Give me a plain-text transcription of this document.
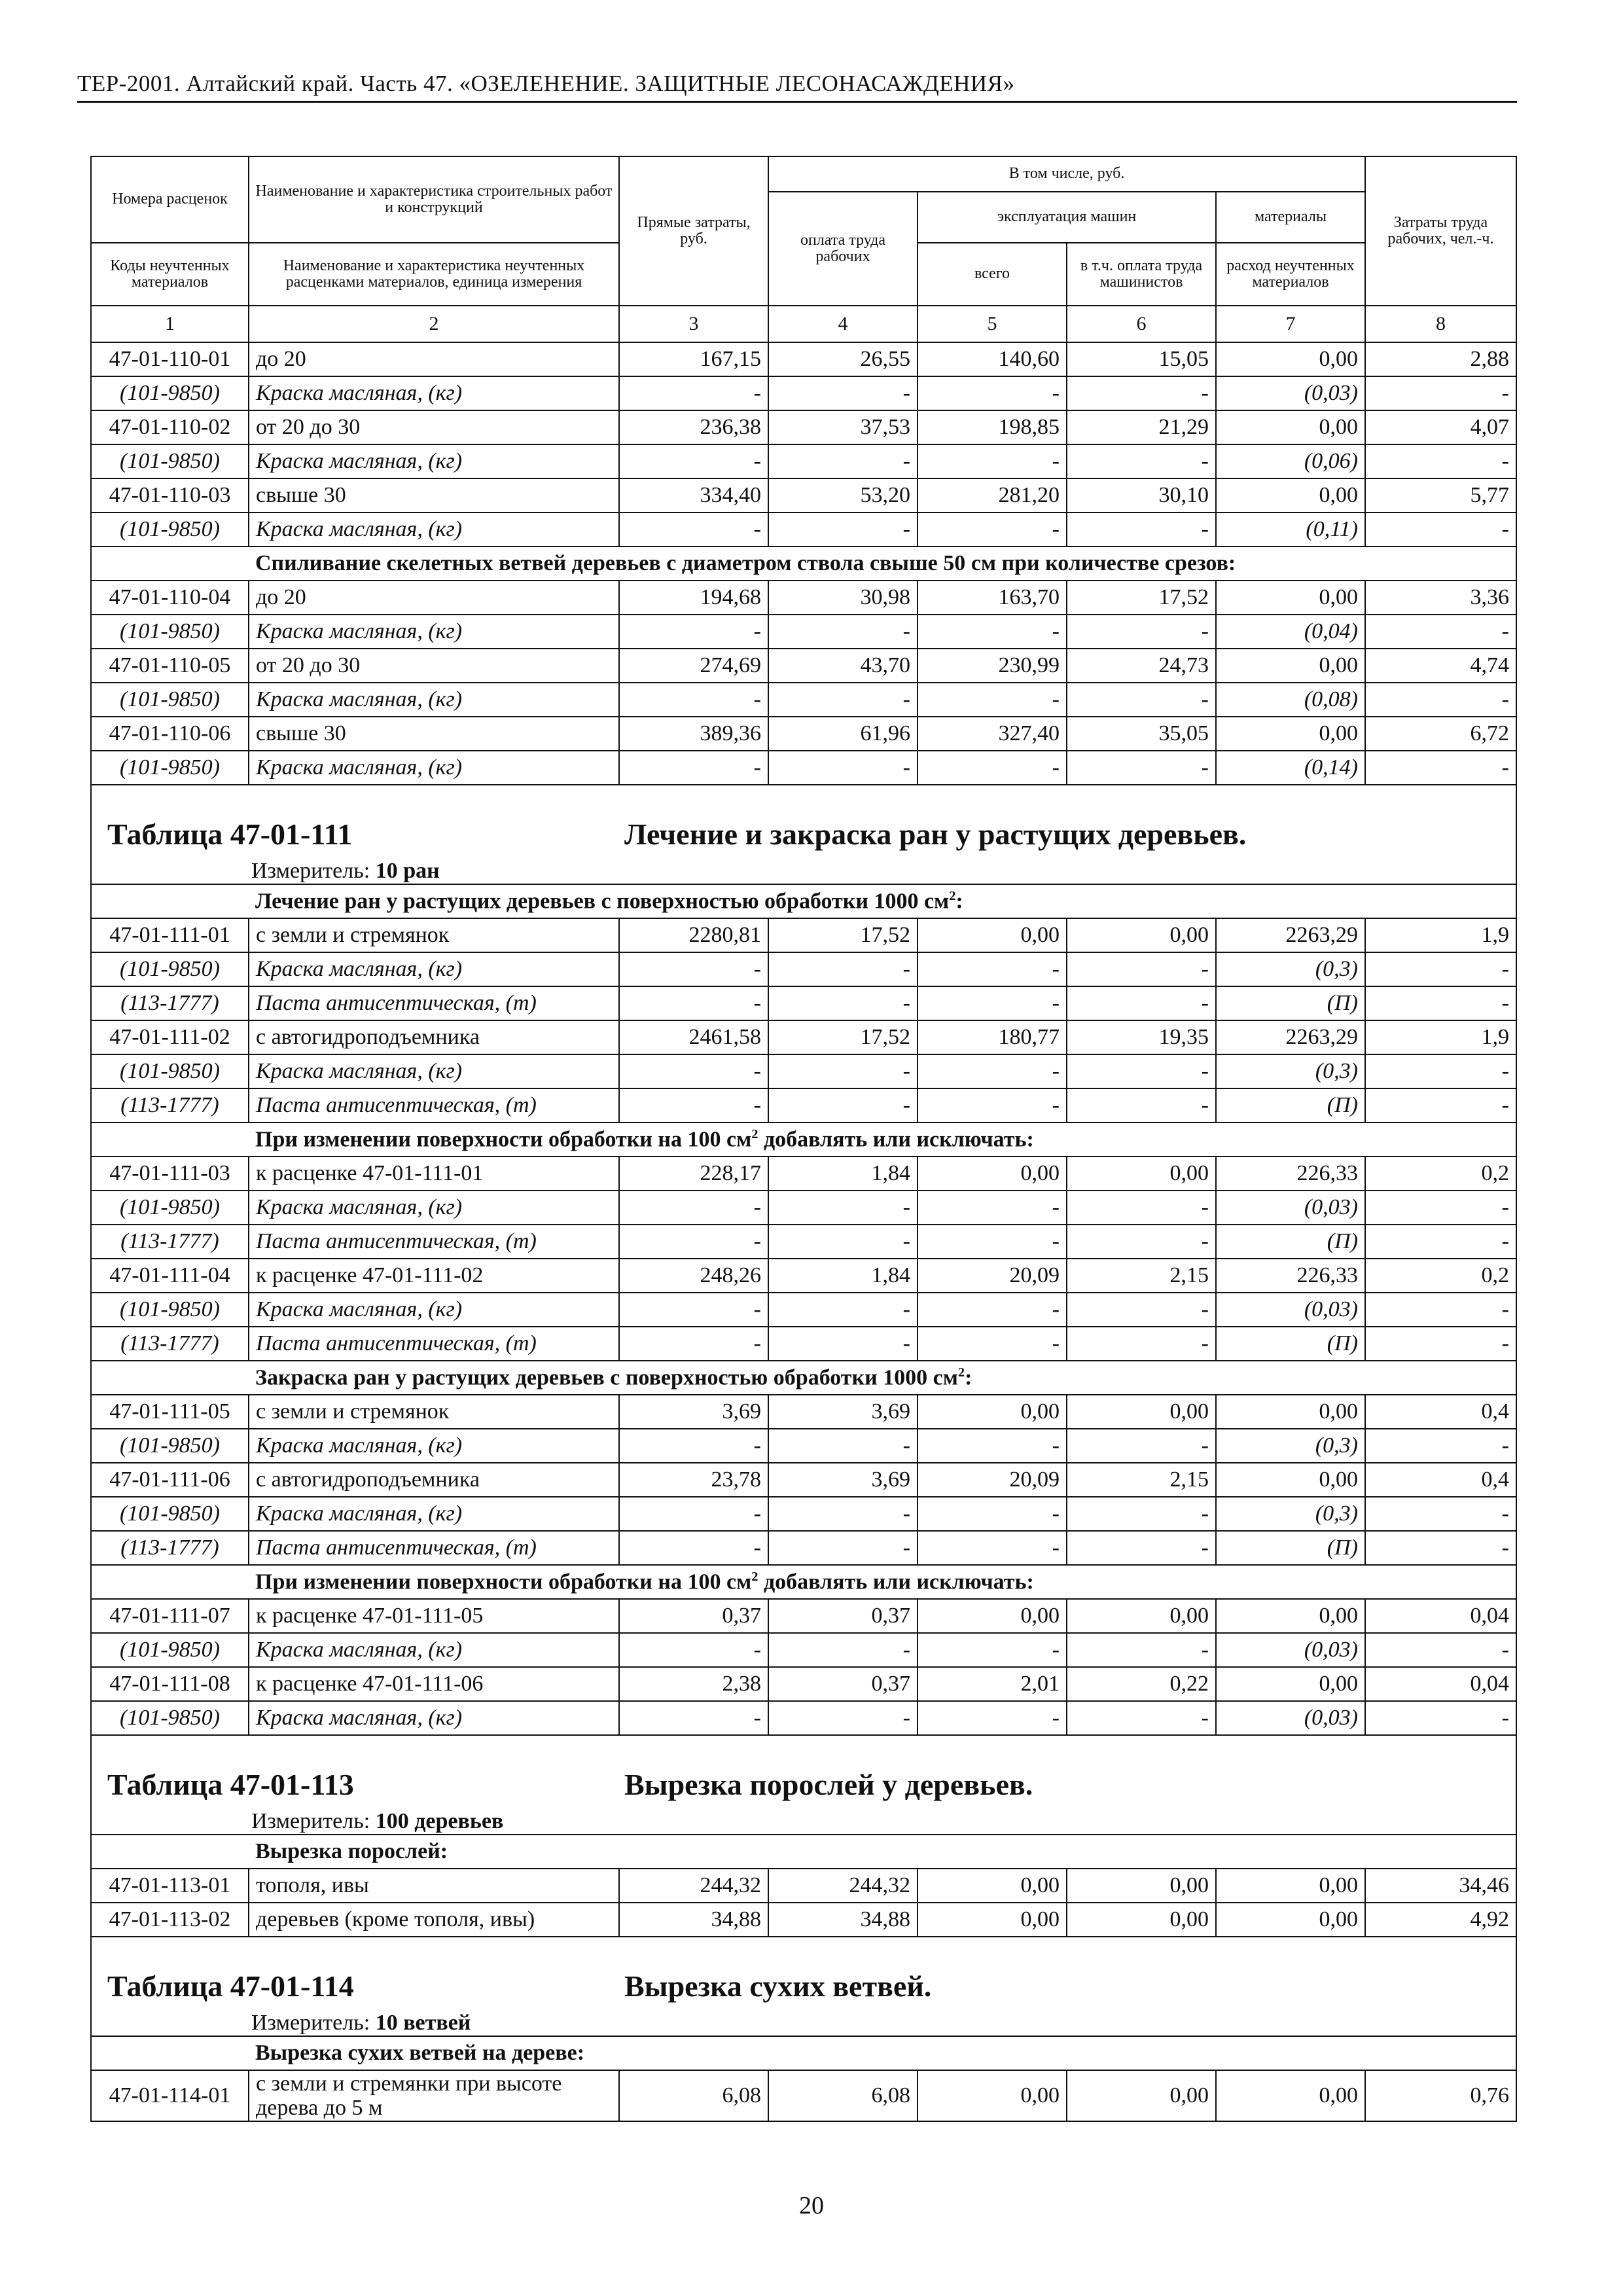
ТЕР-2001. Алтайский край. Часть 47. «ОЗЕЛЕНЕНИЕ. ЗАЩИТНЫЕ ЛЕСОНАСАЖДЕНИЯ»
Номера расценок	Наименование и характеристика строительных работ и конструкций	Прямые затраты, руб.	В том числе, руб.				Затраты труда рабочих, чел.-ч.
			оплата труда рабочих	эксплуатация машин		материалы	
Коды неучтенных материалов	Наименование и характеристика неучтенных расценками материалов, единица измерения			всего	в т.ч. оплата труда машинистов	расход неучтенных материалов	
1	2	3	4	5	6	7	8
47-01-110-01	до 20	167,15	26,55	140,60	15,05	0,00	2,88
(101-9850)	Краска масляная, (кг)	-	-	-	-	(0,03)	-
47-01-110-02	от 20 до 30	236,38	37,53	198,85	21,29	0,00	4,07
(101-9850)	Краска масляная, (кг)	-	-	-	-	(0,06)	-
47-01-110-03	свыше 30	334,40	53,20	281,20	30,10	0,00	5,77
(101-9850)	Краска масляная, (кг)	-	-	-	-	(0,11)	-
	Спиливание скелетных ветвей деревьев с диаметром ствола свыше 50 см при количестве срезов:						
47-01-110-04	до 20	194,68	30,98	163,70	17,52	0,00	3,36
(101-9850)	Краска масляная, (кг)	-	-	-	-	(0,04)	-
47-01-110-05	от 20 до 30	274,69	43,70	230,99	24,73	0,00	4,74
(101-9850)	Краска масляная, (кг)	-	-	-	-	(0,08)	-
47-01-110-06	свыше 30	389,36	61,96	327,40	35,05	0,00	6,72
(101-9850)	Краска масляная, (кг)	-	-	-	-	(0,14)	-

Таблица 47-01-111 Лечение и закраска ран у растущих деревьев.
Измеритель: 10 ран							

	Лечение ран у растущих деревьев с поверхностью обработки 1000 $см^2$:						
47-01-111-01	с земли и стремянок	2280,81	17,52	0,00	0,00	2263,29	1,9
(101-9850)	Краска масляная, (кг)	-	-	-	-	(0,3)	-
(113-1777)	Паста антисептическая, (т)	-	-	-	-	(П)	-
47-01-111-02	с автогидроподъемника	2461,58	17,52	180,77	19,35	2263,29	1,9
(101-9850)	Краска масляная, (кг)	-	-	-	-	(0,3)	-
(113-1777)	Паста антисептическая, (т)	-	-	-	-	(П)	-
	При изменении поверхности обработки на 100 $см^2$ добавлять или исключать:						
47-01-111-03	к расценке 47-01-111-01	228,17	1,84	0,00	0,00	226,33	0,2
(101-9850)	Краска масляная, (кг)	-	-	-	-	(0,03)	-
(113-1777)	Паста антисептическая, (т)	-	-	-	-	(П)	-
47-01-111-04	к расценке 47-01-111-02	248,26	1,84	20,09	2,15	226,33	0,2
(101-9850)	Краска масляная, (кг)	-	-	-	-	(0,03)	-
(113-1777)	Паста антисептическая, (т)	-	-	-	-	(П)	-
	Закраска ран у растущих деревьев с поверхностью обработки 1000 $см^2$:						
47-01-111-05	с земли и стремянок	3,69	3,69	0,00	0,00	0,00	0,4
(101-9850)	Краска масляная, (кг)	-	-	-	-	(0,3)	-
47-01-111-06	с автогидроподъемника	23,78	3,69	20,09	2,15	0,00	0,4
(101-9850)	Краска масляная, (кг)	-	-	-	-	(0,3)	-
(113-1777)	Паста антисептическая, (т)	-	-	-	-	(П)	-
	При изменении поверхности обработки на 100 $см^2$ добавлять или исключать:						
47-01-111-07	к расценке 47-01-111-05	0,37	0,37	0,00	0,00	0,00	0,04
(101-9850)	Краска масляная, (кг)	-	-	-	-	(0,03)	-
47-01-111-08	к расценке 47-01-111-06	2,38	0,37	2,01	0,22	0,00	0,04
(101-9850)	Краска масляная, (кг)	-	-	-	-	(0,03)	-

Таблица 47-01-113 Вырезка порослей у деревьев.
Измеритель: 100 деревьев							

	Вырезка порослей:						
47-01-113-01	тополя, ивы	244,32	244,32	0,00	0,00	0,00	34,46
47-01-113-02	деревьев (кроме тополя, ивы)	34,88	34,88	0,00	0,00	0,00	4,92

Таблица 47-01-114 Вырезка сухих ветвей.
Измеритель: 10 ветвей							

	Вырезка сухих ветвей на дереве:						
47-01-114-01	с земли и стремянки при высоте дерева до 5 м	6,08	6,08	0,00	0,00	0,00	0,76
20
